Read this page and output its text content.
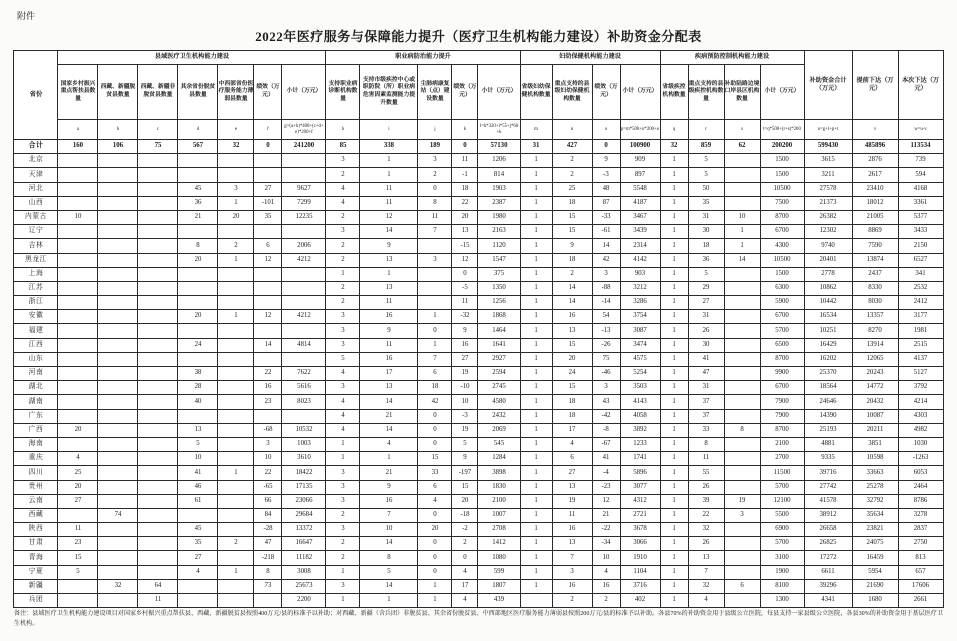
附件
2022年医疗服务与保障能力提升（医疗卫生机构能力建设）补助资金分配表
省份	县域医疗卫生机构能力建设							职业病防治能力提升					妇幼保健机构能力建设				疾病预防控制机构能力建设				补助资金合计（万元）	提前下达（万元）	本次下达（万元）
	国家乡村振兴重点帮扶县数量	西藏、新疆脱贫县数量	西藏、新疆非脱贫县数量	其余省份脱贫县数量	中西部省份医疗服务能力薄弱县数量	绩效（万元）	小计（万元）	支持职业病诊断机构数量	支持市级疾控中心或职防院（所）职业病危害因素监测能力提升数量	尘肺病康复站（点）建设数量	绩效（万元）	小计（万元）	省级妇幼保健机构数量	重点支持的县级妇幼保健机构数量	绩效（万元）	小计（万元）	省级疾控机构数量	重点支持的县级疾控机构数量	补助陆路边境口岸县区机构数量	小计（万元）			
	a	b	c	d	e	f	g=(a+b)*400+(c+d+e)*200+f	h	i	j	k	l=h*320+i*55+j*60+k	m	n	o	p=m*500+n*200+o	q	r	s	t=q*500+(r+s)*200	u=g+l+p+t	v	w=u-v
合计	160	106	75	567	32	0	241200	85	338	189	0	57130	31	427	0	100900	32	859	62	200200	599430	485896	113534
北京								3	1	3	11	1206	1	2	9	909	1	5		1500	3615	2876	739
天津								2	1	2	-1	814	1	2	-3	897	1	5		1500	3211	2617	594
河北				45	3	27	9627	4	11	0	18	1903	1	25	48	5548	1	50		10500	27578	23410	4168
山西				36	1	-101	7299	4	11	8	22	2387	1	18	87	4187	1	35		7500	21373	18012	3361
内蒙古	10			21	20	35	12235	2	12	11	20	1980	1	15	-33	3467	1	31	10	8700	26382	21005	5377
辽宁								3	14	7	13	2163	1	15	-61	3439	1	30	1	6700	12302	8869	3433
吉林				8	2	6	2006	2	9		-15	1120	1	9	14	2314	1	18	1	4300	9740	7590	2150
黑龙江				20	1	12	4212	2	13	3	12	1547	1	18	42	4142	1	36	14	10500	20401	13874	6527
上海								1	1		0	375	1	2	3	903	1	5		1500	2778	2437	341
江苏								2	13		-5	1350	1	14	-88	3212	1	29		6300	10862	8330	2532
浙江								2	11		11	1256	1	14	-14	3286	1	27		5900	10442	8030	2412
安徽				20	1	12	4212	3	16	1	-32	1868	1	16	54	3754	1	31		6700	16534	13357	3177
福建								3	9	0	9	1464	1	13	-13	3087	1	26		5700	10251	8270	1981
江西				24		14	4814	3	11	1	16	1641	1	15	-26	3474	1	30		6500	16429	13914	2515
山东								5	16	7	27	2927	1	20	75	4575	1	41		8700	16202	12065	4137
河南				38		22	7622	4	17	6	19	2594	1	24	-46	5254	1	47		9900	25370	20243	5127
湖北				28		16	5616	3	13	18	-10	2745	1	15	3	3503	1	31		6700	18564	14772	3792
湖南				40		23	8023	4	14	42	10	4580	1	18	43	4143	1	37		7900	24646	20432	4214
广东								4	21	0	-3	2432	1	18	-42	4058	1	37		7900	14390	10087	4303
广西	20			13		-68	10532	4	14	0	19	2069	1	17	-8	3892	1	33	8	8700	25193	20211	4982
海南				5		3	1003	1	4	0	5	545	1	4	-67	1233	1	8		2100	4881	3851	1030
重庆	4			10		10	3610	1	1	15	9	1284	1	6	41	1741	1	11		2700	9335	10598	-1263
四川	25			41	1	22	18422	3	21	33	-197	3898	1	27	-4	5896	1	55		11500	39716	33663	6053
贵州	20			46		-65	17135	3	9	6	15	1830	1	13	-23	3077	1	26		5700	27742	25278	2464
云南	27			61		66	23066	3	16	4	20	2100	1	19	12	4312	1	39	19	12100	41578	32792	8786
西藏		74				84	29684	2	7	0	-18	1007	1	11	21	2721	1	22	3	5500	38912	35634	3278
陕西	11			45		-28	13372	3	10	20	-2	2708	1	16	-22	3678	1	32		6900	26658	23821	2837
甘肃	23			35	2	47	16647	2	14	0	2	1412	1	13	-34	3066	1	26		5700	26825	24075	2750
青海	15			27		-218	11182	2	8	0	0	1080	1	7	10	1910	1	13		3100	17272	16459	813
宁夏	5			4	1	8	3008	1	5	0	4	599	1	3	4	1104	1	7		1900	6611	5954	657
新疆		32	64			73	25673	3	14	1	17	1807	1	16	16	3716	1	32	6	8100	39296	21690	17606
兵团			11				2200	1	1	1	4	439		2	2	402	1	4		1300	4341	1680	2661
备注：县域医疗卫生机构能力建设项目对国家乡村振兴重点帮扶县、西藏、新疆脱贫县按照400万元/县的标准予以补助；对西藏、新疆（含兵团）非脱贫县、其余省份脱贫县、中西部地区医疗服务能力薄弱县按照200万元/县的标准予以补助。各县70%的补助资金用于县级公立医院，每县支持一家县级公立医院，各县30%的补助资金用于基层医疗卫生机构。
